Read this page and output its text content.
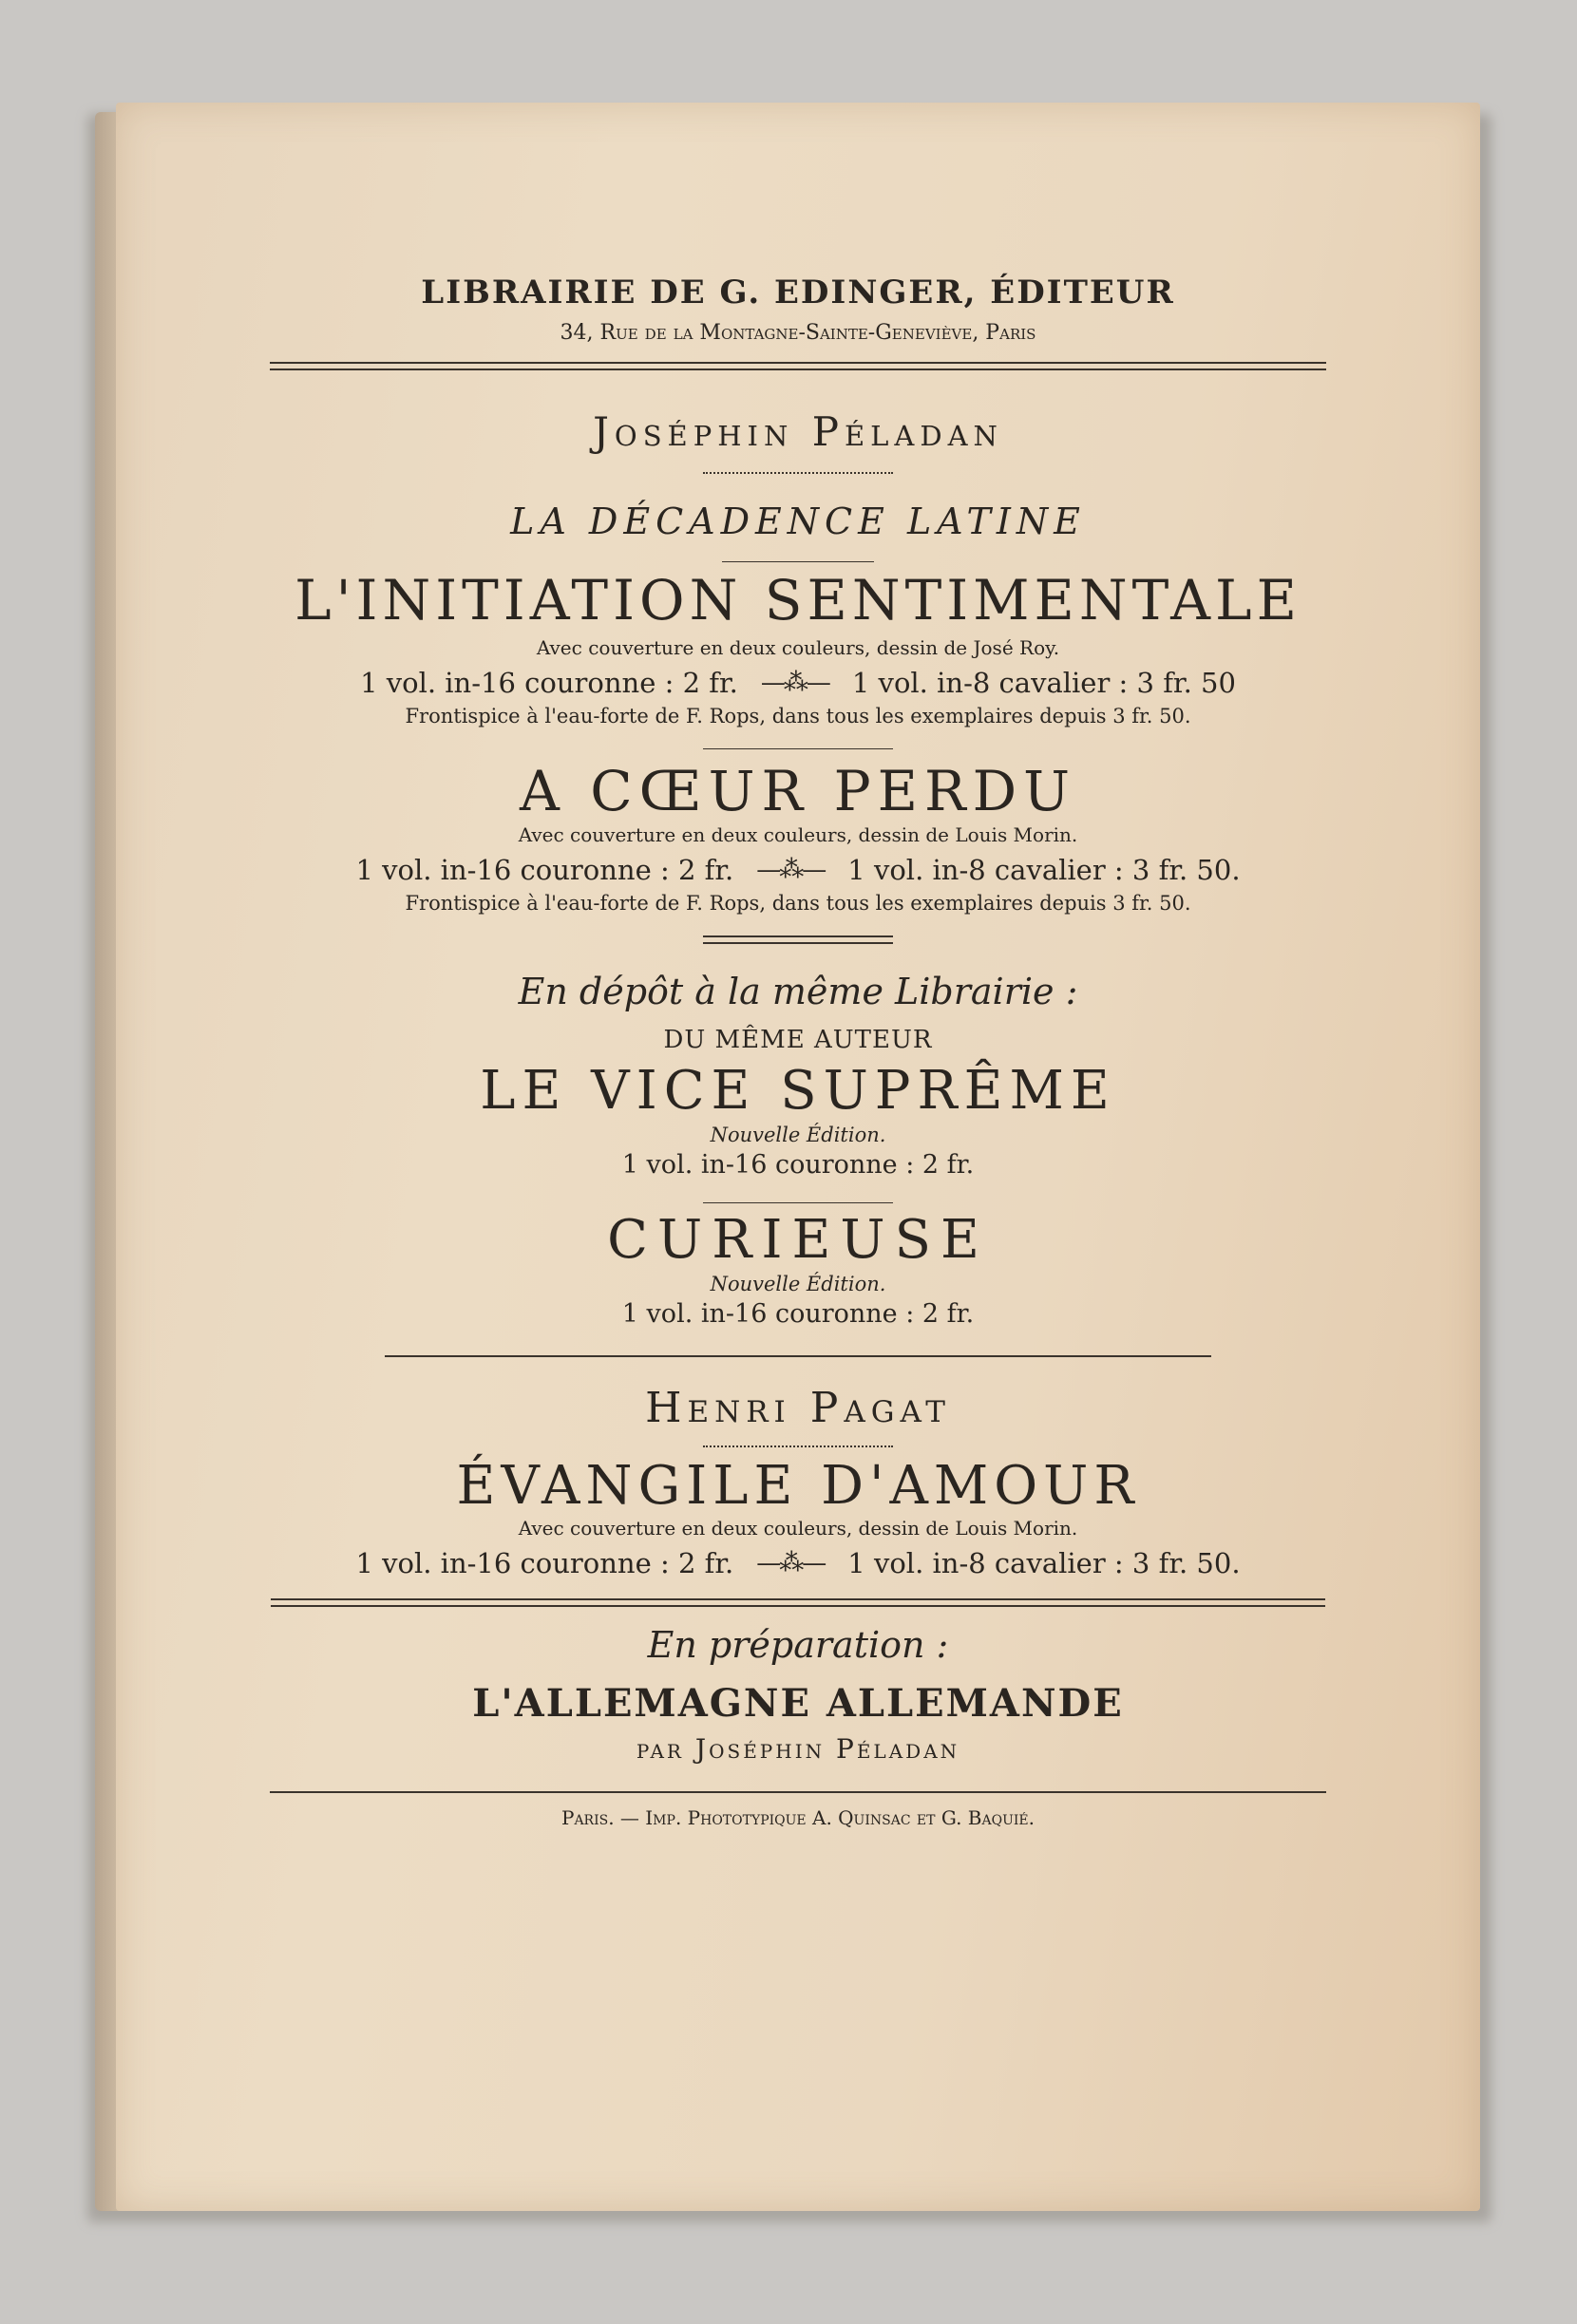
LIBRAIRIE DE G. EDINGER, ÉDITEUR

34, Rue de la Montagne-Sainte-Geneviève, Paris

Joséphin Péladan

LA DÉCADENCE LATINE

L'INITIATION SENTIMENTALE

Avec couverture en deux couleurs, dessin de José Roy.

1 vol. in-16 couronne : 2 fr. —⁂— 1 vol. in-8 cavalier : 3 fr. 50

Frontispice à l'eau-forte de F. Rops, dans tous les exemplaires depuis 3 fr. 50.

A CŒUR PERDU

Avec couverture en deux couleurs, dessin de Louis Morin.

1 vol. in-16 couronne : 2 fr. —⁂— 1 vol. in-8 cavalier : 3 fr. 50.

Frontispice à l'eau-forte de F. Rops, dans tous les exemplaires depuis 3 fr. 50.

En dépôt à la même Librairie :

DU MÊME AUTEUR

LE VICE SUPRÊME

Nouvelle Édition.

1 vol. in-16 couronne : 2 fr.

CURIEUSE

Nouvelle Édition.

1 vol. in-16 couronne : 2 fr.

Henri Pagat

ÉVANGILE D'AMOUR

Avec couverture en deux couleurs, dessin de Louis Morin.

1 vol. in-16 couronne : 2 fr. —⁂— 1 vol. in-8 cavalier : 3 fr. 50.

En préparation :

L'ALLEMAGNE ALLEMANDE

par Joséphin Péladan

Paris. — Imp. Phototypique A. Quinsac et G. Baquié.
